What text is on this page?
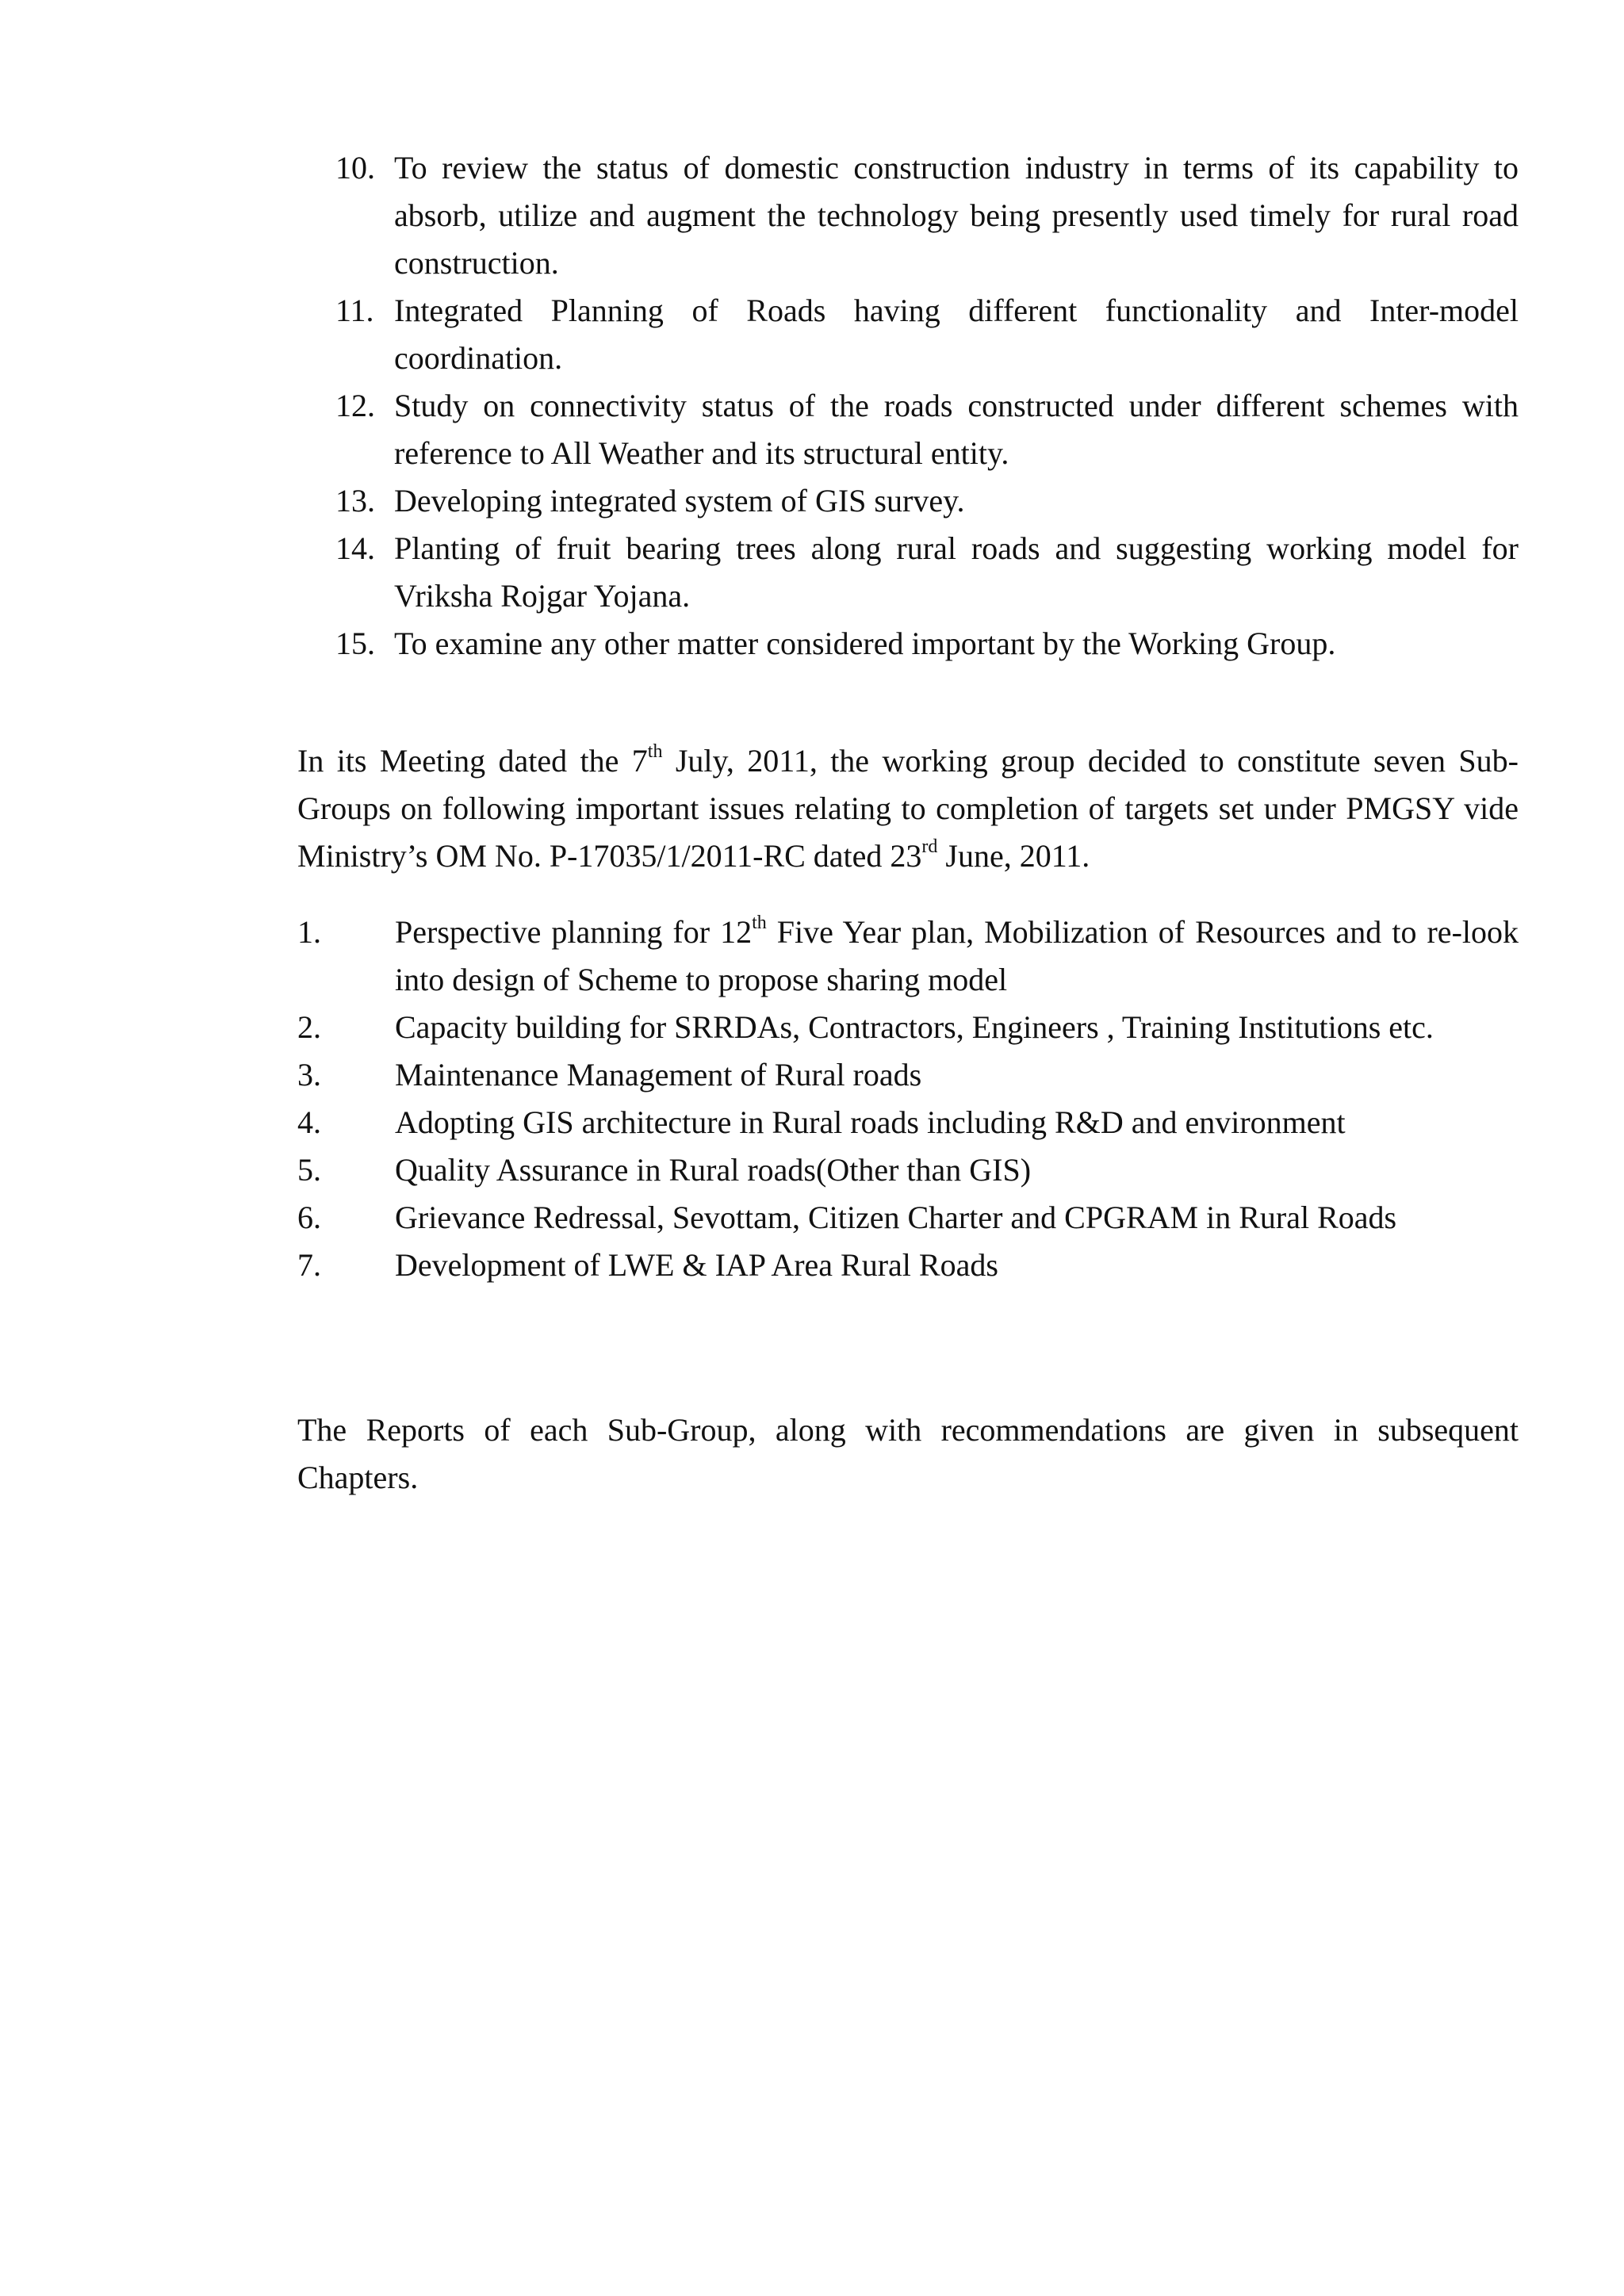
10. To review the status of domestic construction industry in terms of its capability to absorb, utilize and augment the technology being presently used timely for rural road construction.
11. Integrated Planning of Roads having different functionality and Inter-model coordination.
12. Study on connectivity status of the roads constructed under different schemes with reference to All Weather and its structural entity.
13. Developing integrated system of GIS survey.
14. Planting of fruit bearing trees along rural roads and suggesting working model for Vriksha Rojgar Yojana.
15. To examine any other matter considered important by the Working Group.

In its Meeting dated the 7th July, 2011, the working group decided to constitute seven Sub-Groups on following important issues relating to completion of targets set under PMGSY vide Ministry’s OM No. P-17035/1/2011-RC dated 23rd June, 2011.

1. Perspective planning for 12th Five Year plan, Mobilization of Resources and to re-look into design of Scheme to propose sharing model
2. Capacity building for SRRDAs, Contractors, Engineers , Training Institutions etc.
3. Maintenance Management of Rural roads
4. Adopting GIS architecture in Rural roads including R&D and environment
5. Quality Assurance in Rural roads(Other than GIS)
6. Grievance Redressal, Sevottam, Citizen Charter and CPGRAM in Rural Roads
7. Development of LWE & IAP Area Rural Roads

The Reports of each Sub-Group, along with recommendations are given in subsequent Chapters.
